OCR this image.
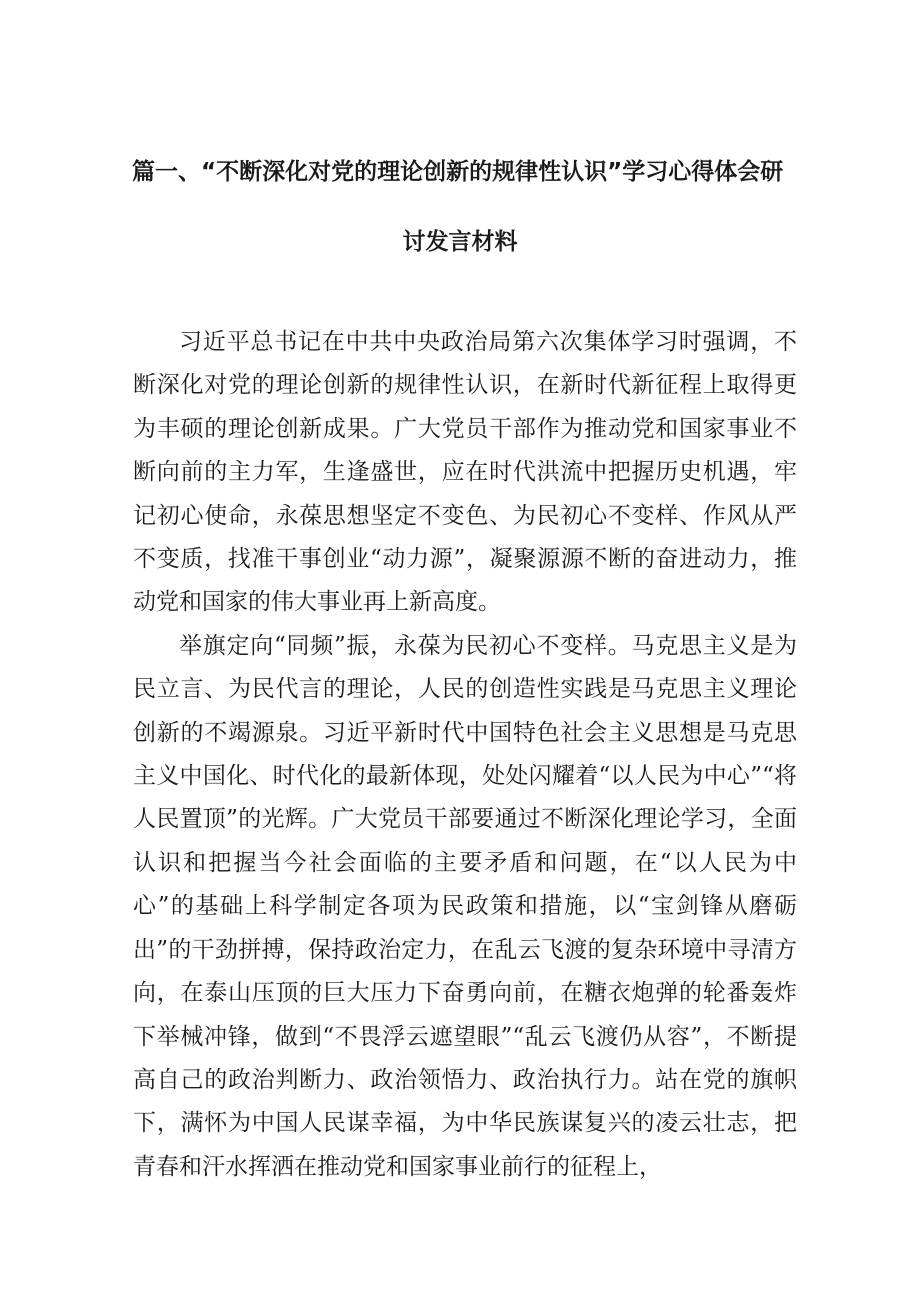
篇一、“不断深化对党的理论创新的规律性认识”学习心得体会研
讨发言材料

习近平总书记在中共中央政治局第六次集体学习时强调，不断深化对党的理论创新的规律性认识，在新时代新征程上取得更为丰硕的理论创新成果。广大党员干部作为推动党和国家事业不断向前的主力军，生逢盛世，应在时代洪流中把握历史机遇，牢记初心使命，永葆思想坚定不变色、为民初心不变样、作风从严不变质，找准干事创业“动力源”，凝聚源源不断的奋进动力，推动党和国家的伟大事业再上新高度。

举旗定向“同频”振，永葆为民初心不变样。马克思主义是为民立言、为民代言的理论，人民的创造性实践是马克思主义理论创新的不竭源泉。习近平新时代中国特色社会主义思想是马克思主义中国化、时代化的最新体现，处处闪耀着“以人民为中心”“将人民置顶”的光辉。广大党员干部要通过不断深化理论学习，全面认识和把握当今社会面临的主要矛盾和问题，在“以人民为中心”的基础上科学制定各项为民政策和措施，以“宝剑锋从磨砺出”的干劲拼搏，保持政治定力，在乱云飞渡的复杂环境中寻清方向，在泰山压顶的巨大压力下奋勇向前，在糖衣炮弹的轮番轰炸下举械冲锋，做到“不畏浮云遮望眼”“乱云飞渡仍从容”，不断提高自己的政治判断力、政治领悟力、政治执行力。站在党的旗帜下，满怀为中国人民谋幸福，为中华民族谋复兴的凌云壮志，把青春和汗水挥洒在推动党和国家事业前行的征程上，
